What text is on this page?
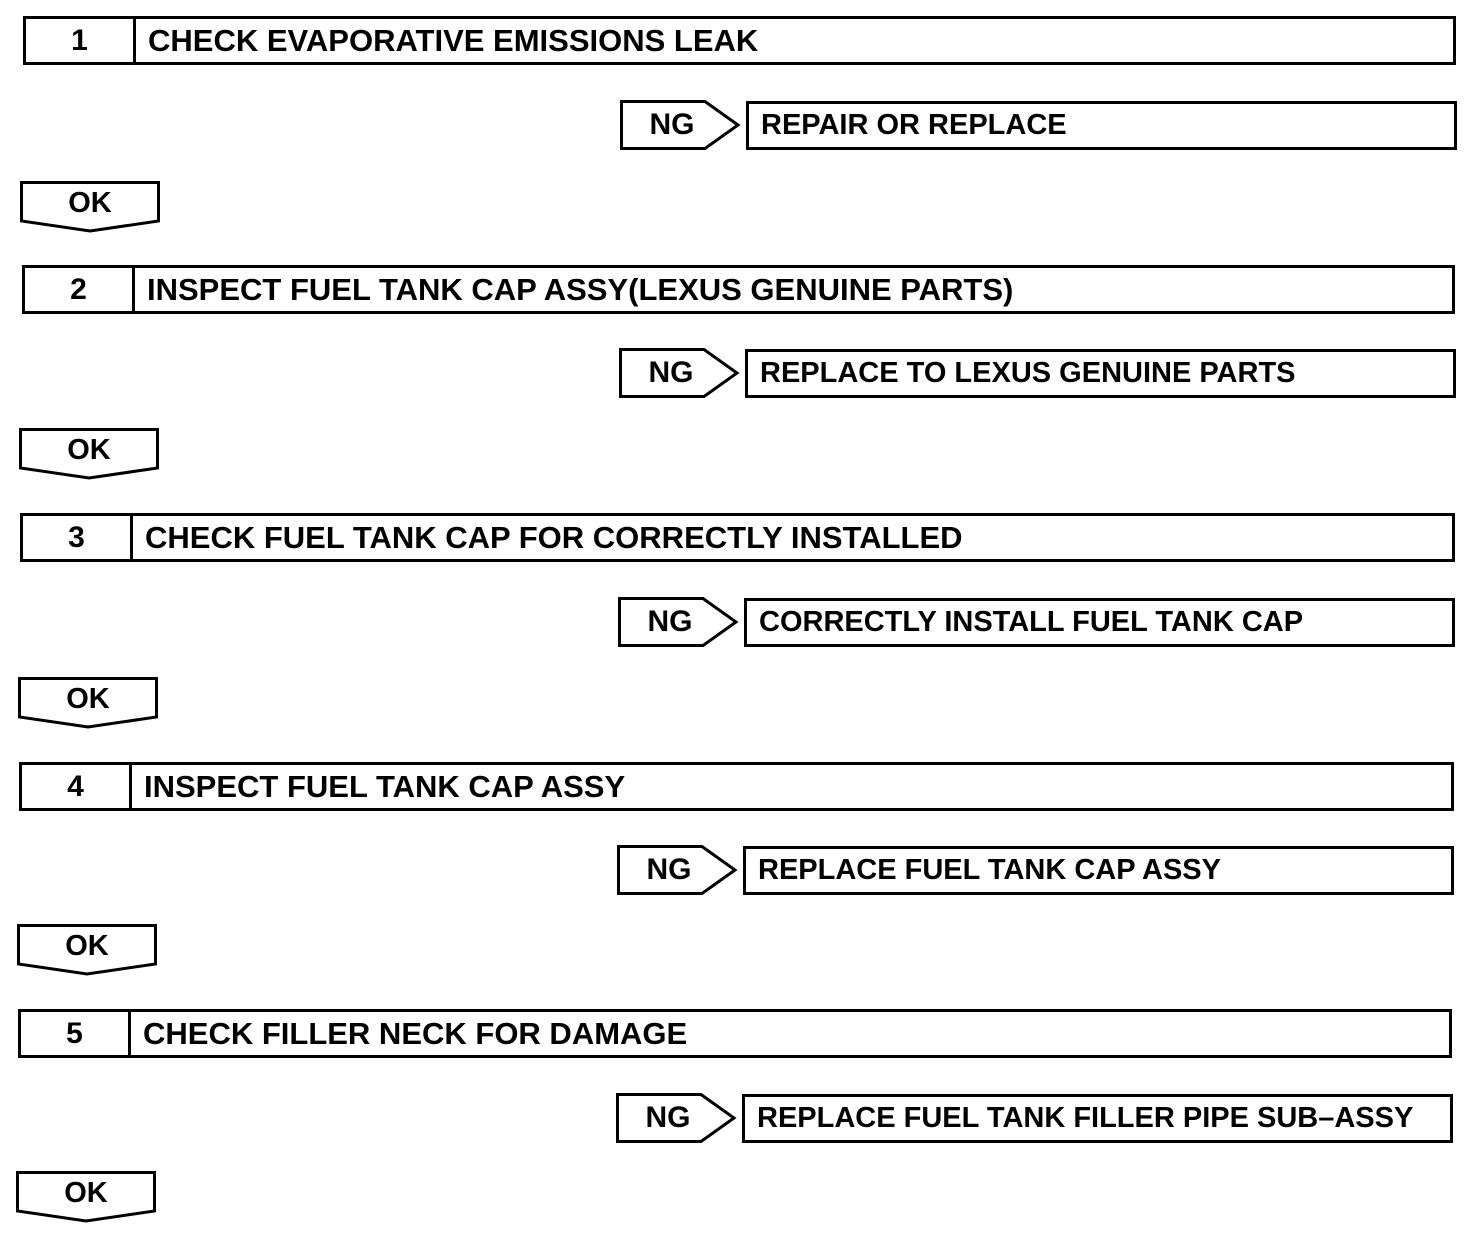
1	CHECK EVAPORATIVE EMISSIONS LEAK
NG	REPAIR OR REPLACE
OK
2	INSPECT FUEL TANK CAP ASSY(LEXUS GENUINE PARTS)
NG	REPLACE TO LEXUS GENUINE PARTS
OK
3	CHECK FUEL TANK CAP FOR CORRECTLY INSTALLED
NG	CORRECTLY INSTALL FUEL TANK CAP
OK
4	INSPECT FUEL TANK CAP ASSY
NG	REPLACE FUEL TANK CAP ASSY
OK
5	CHECK FILLER NECK FOR DAMAGE
NG	REPLACE FUEL TANK FILLER PIPE SUB–ASSY
OK
